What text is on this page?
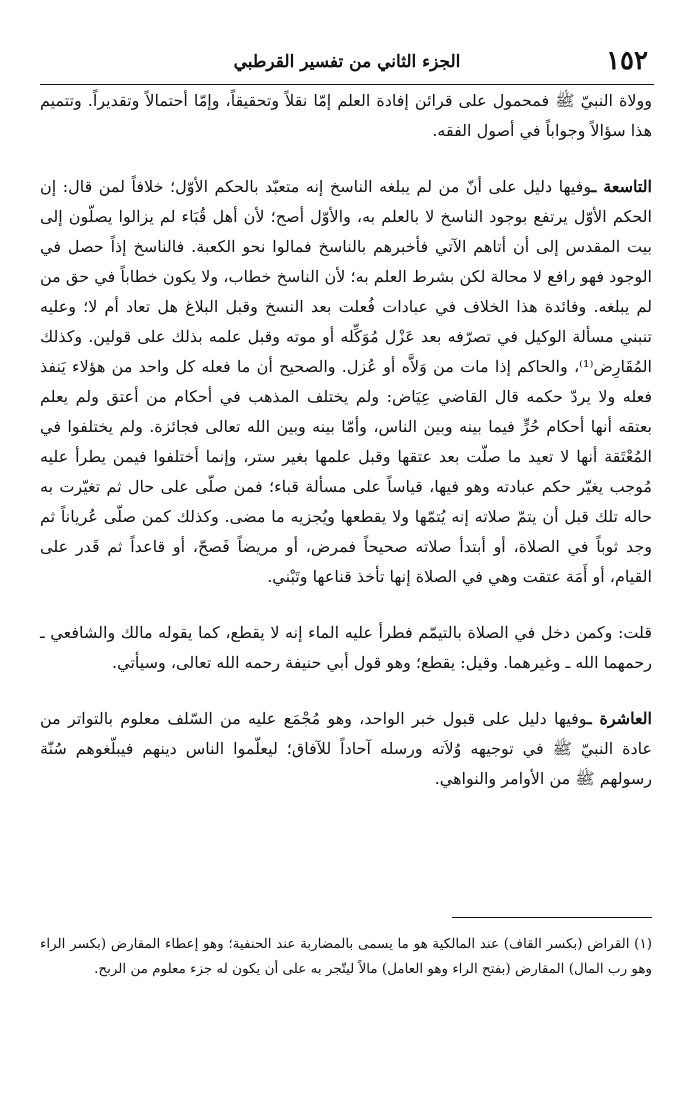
١٥٢
الجزء الثاني من تفسير القرطبي

وولاة النبيّ ﷺ فمحمول على قرائن إفادة العلم إمّا نقلاً وتحقيقاً، وإمّا أحتمالاً وتقديراً. وتتميم هذا سؤالاً وجواباً في أصول الفقه.

التاسعة ـوفيها دليل على أنّ من لم يبلغه الناسخ إنه متعبّد بالحكم الأوّل؛ خلافاً لمن قال: إن الحكم الأوّل يرتفع بوجود الناسخ لا بالعلم به، والأوّل أصح؛ لأن أهل قُبَاء لم يزالوا يصلّون إلى بيت المقدس إلى أن أتاهم الآتي فأخبرهم بالناسخ فمالوا نحو الكعبة. فالناسخ إذاً حصل في الوجود فهو رافع لا محالة لكن بشرط العلم به؛ لأن الناسخ خطاب، ولا يكون خطاباً في حق من لم يبلغه. وفائدة هذا الخلاف في عبادات فُعلت بعد النسخ وقبل البلاغ هل تعاد أم لا؛ وعليه تنبني مسألة الوكيل في تصرّفه بعد عَزْل مُوَكِّله أو موته وقبل علمه بذلك على قولين. وكذلك المُقَارِض⁽¹⁾، والحاكم إذا مات من وَلاَّه أو عُزل. والصحيح أن ما فعله كل واحد من هؤلاء يَنفذ فعله ولا يردّ حكمه قال القاضي عِيَاض: ولم يختلف المذهب في أحكام من أعتق ولم يعلم بعتقه أنها أحكام حُرٍّ فيما بينه وبين الناس، وأمّا بينه وبين الله تعالى فجائزة. ولم يختلفوا في المُعْتَقة أنها لا تعيد ما صلّت بعد عتقها وقبل علمها بغير ستر، وإنما أختلفوا فيمن يطرأ عليه مُوجب يغيّر حكم عبادته وهو فيها، قياساً على مسألة قباء؛ فمن صلّى على حال ثم تغيّرت به حاله تلك قبل أن يتمّ صلاته إنه يُتمّها ولا يقطعها ويُجزيه ما مضى. وكذلك كمن صلّى عُرياناً ثم وجد ثوباً في الصلاة، أو أبتدأ صلاته صحيحاً فمرض، أو مريضاً فَصحّ، أو قاعداً ثم قَدر على القيام، أو أَمَة عتقت وهي في الصلاة إنها تأخذ قناعها وتَبْني.

قلت: وكمن دخل في الصلاة بالتيمّم فطرأ عليه الماء إنه لا يقطع، كما يقوله مالك والشافعي ـ رحمهما الله ـ وغيرهما. وقيل: يقطع؛ وهو قول أبي حنيفة رحمه الله تعالى، وسيأتي.

العاشرة ـوفيها دليل على قبول خبر الواحد، وهو مُجْمَع عليه من السّلف معلوم بالتواتر من عادة النبيّ ﷺ في توجيهه وُلاَته ورسله آحاداً للآفاق؛ ليعلّموا الناس دينهم فيبلّغوهم سُنّة رسولهم ﷺ من الأوامر والنواهي.

(١) القراض (بكسر القاف) عند المالكية هو ما يسمى بالمضاربة عند الحنفية؛ وهو إعطاء المقارض (بكسر الراء وهو رب المال) المقارض (بفتح الراء وهو العامل) مالاً ليتّجر به على أن يكون له جزء معلوم من الربح.
